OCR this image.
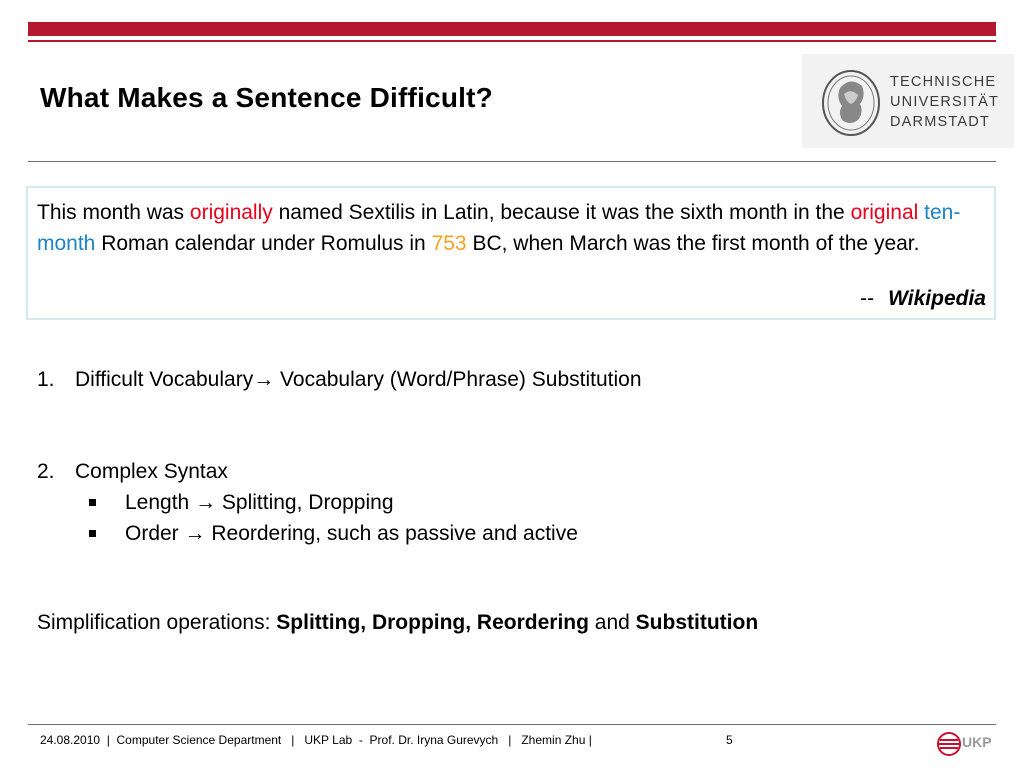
What Makes a Sentence Difficult?	TECHNISCHE
UNIVERSITÄT
DARMSTADT
This month was originally named Sextilis in Latin, because it was the sixth month in the original ten-month Roman calendar under Romulus in 753 BC, when March was the first month of the year.
-- Wikipedia
1. Difficult Vocabulary→ Vocabulary (Word/Phrase) Substitution
2. Complex Syntax
Length → Splitting, Dropping
Order → Reordering, such as passive and active
Simplification operations: Splitting, Dropping, Reordering and Substitution
24.08.2010  |  Computer Science Department   |   UKP Lab  -  Prof. Dr. Iryna Gurevych   |   Zhemin Zhu |	5	UKP
